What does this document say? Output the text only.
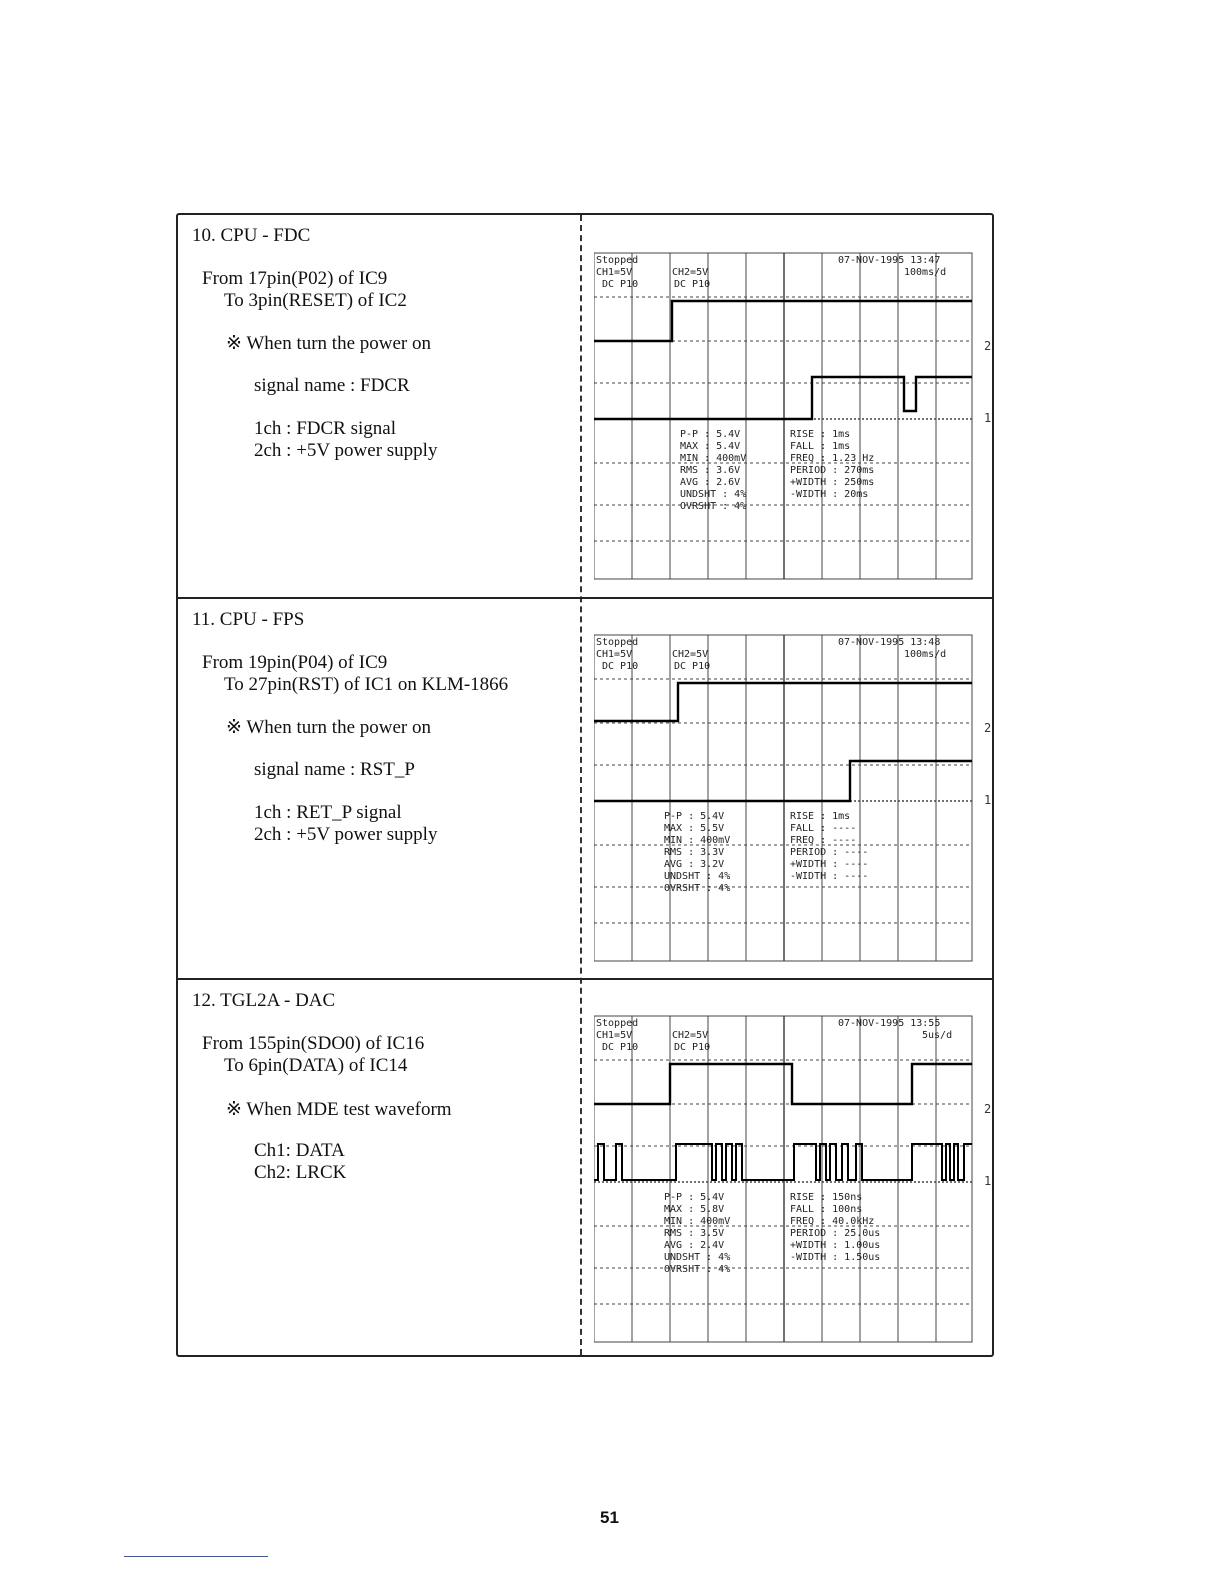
10. CPU - FDC
From 17pin(P02) of IC9
To 3pin(RESET) of IC2
※ When turn the power on
signal name : FDCR
1ch : FDCR signal
2ch : +5V power supply
Stopped
CH1=5V
DC P10
CH2=5V
DC P10
07-NOV-1995 13:47
100ms/d
P-P : 5.4V
MAX : 5.4V
MIN : 400mV
RMS : 3.6V
AVG : 2.6V
UNDSHT : 4%
OVRSHT : 4%
RISE : 1ms
FALL : 1ms
FREQ : 1.23 Hz
PERIOD : 270ms
+WIDTH : 250ms
-WIDTH : 20ms
2
1
11. CPU - FPS
From 19pin(P04) of IC9
To 27pin(RST) of IC1 on KLM-1866
※ When turn the power on
signal name : RST_P
1ch : RET_P signal
2ch : +5V power supply
Stopped
CH1=5V
DC P10
CH2=5V
DC P10
07-NOV-1995 13:48
100ms/d
P-P : 5.4V
MAX : 5.5V
MIN : 400mV
RMS : 3.3V
AVG : 3.2V
UNDSHT : 4%
OVRSHT : 4%
RISE : 1ms
FALL : ----
FREQ : ----
PERIOD : ----
+WIDTH : ----
-WIDTH : ----
2
1
12. TGL2A - DAC
From 155pin(SDO0) of IC16
To 6pin(DATA) of IC14
※ When MDE test waveform
Ch1: DATA
Ch2: LRCK
Stopped
CH1=5V
DC P10
CH2=5V
DC P10
07-NOV-1995 13:55
5us/d
P-P : 5.4V
MAX : 5.8V
MIN : 400mV
RMS : 3.5V
AVG : 2.4V
UNDSHT : 4%
OVRSHT : 4%
RISE : 150ns
FALL : 100ns
FREQ : 40.0kHz
PERIOD : 25.0us
+WIDTH : 1.00us
-WIDTH : 1.50us
2
1
51
